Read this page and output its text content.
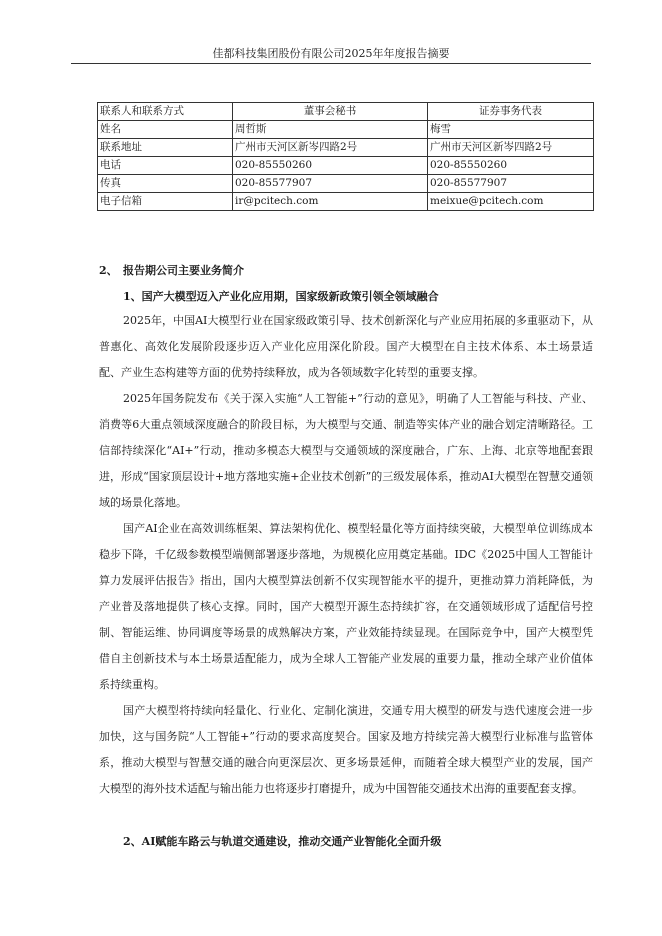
佳都科技集团股份有限公司2025年年度报告摘要
联系人和联系方式	董事会秘书	证券事务代表
姓名	周哲斯	梅雪
联系地址	广州市天河区新岑四路2号	广州市天河区新岑四路2号
电话	020-85550260	020-85550260
传真	020-85577907	020-85577907
电子信箱	ir@pcitech.com	meixue@pcitech.com
2、 报告期公司主要业务简介
1、国产大模型迈入产业化应用期，国家级新政策引领全领域融合

2025年，中国AI大模型行业在国家级政策引导、技术创新深化与产业应用拓展的多重驱动下，从普惠化、高效化发展阶段逐步迈入产业化应用深化阶段。国产大模型在自主技术体系、本土场景适配、产业生态构建等方面的优势持续释放，成为各领域数字化转型的重要支撑。

2025年国务院发布《关于深入实施“人工智能+”行动的意见》，明确了人工智能与科技、产业、消费等6大重点领域深度融合的阶段目标，为大模型与交通、制造等实体产业的融合划定清晰路径。工信部持续深化“AI+”行动，推动多模态大模型与交通领域的深度融合，广东、上海、北京等地配套跟进，形成“国家顶层设计+地方落地实施+企业技术创新”的三级发展体系，推动AI大模型在智慧交通领域的场景化落地。

国产AI企业在高效训练框架、算法架构优化、模型轻量化等方面持续突破，大模型单位训练成本稳步下降，千亿级参数模型端侧部署逐步落地，为规模化应用奠定基础。IDC《2025中国人工智能计算力发展评估报告》指出，国内大模型算法创新不仅实现智能水平的提升，更推动算力消耗降低，为产业普及落地提供了核心支撑。同时，国产大模型开源生态持续扩容，在交通领域形成了适配信号控制、智能运维、协同调度等场景的成熟解决方案，产业效能持续显现。在国际竞争中，国产大模型凭借自主创新技术与本土场景适配能力，成为全球人工智能产业发展的重要力量，推动全球产业价值体系持续重构。

国产大模型将持续向轻量化、行业化、定制化演进，交通专用大模型的研发与迭代速度会进一步加快，这与国务院“人工智能+”行动的要求高度契合。国家及地方持续完善大模型行业标准与监管体系，推动大模型与智慧交通的融合向更深层次、更多场景延伸，而随着全球大模型产业的发展，国产大模型的海外技术适配与输出能力也将逐步打磨提升，成为中国智能交通技术出海的重要配套支撑。

2、AI赋能车路云与轨道交通建设，推动交通产业智能化全面升级
